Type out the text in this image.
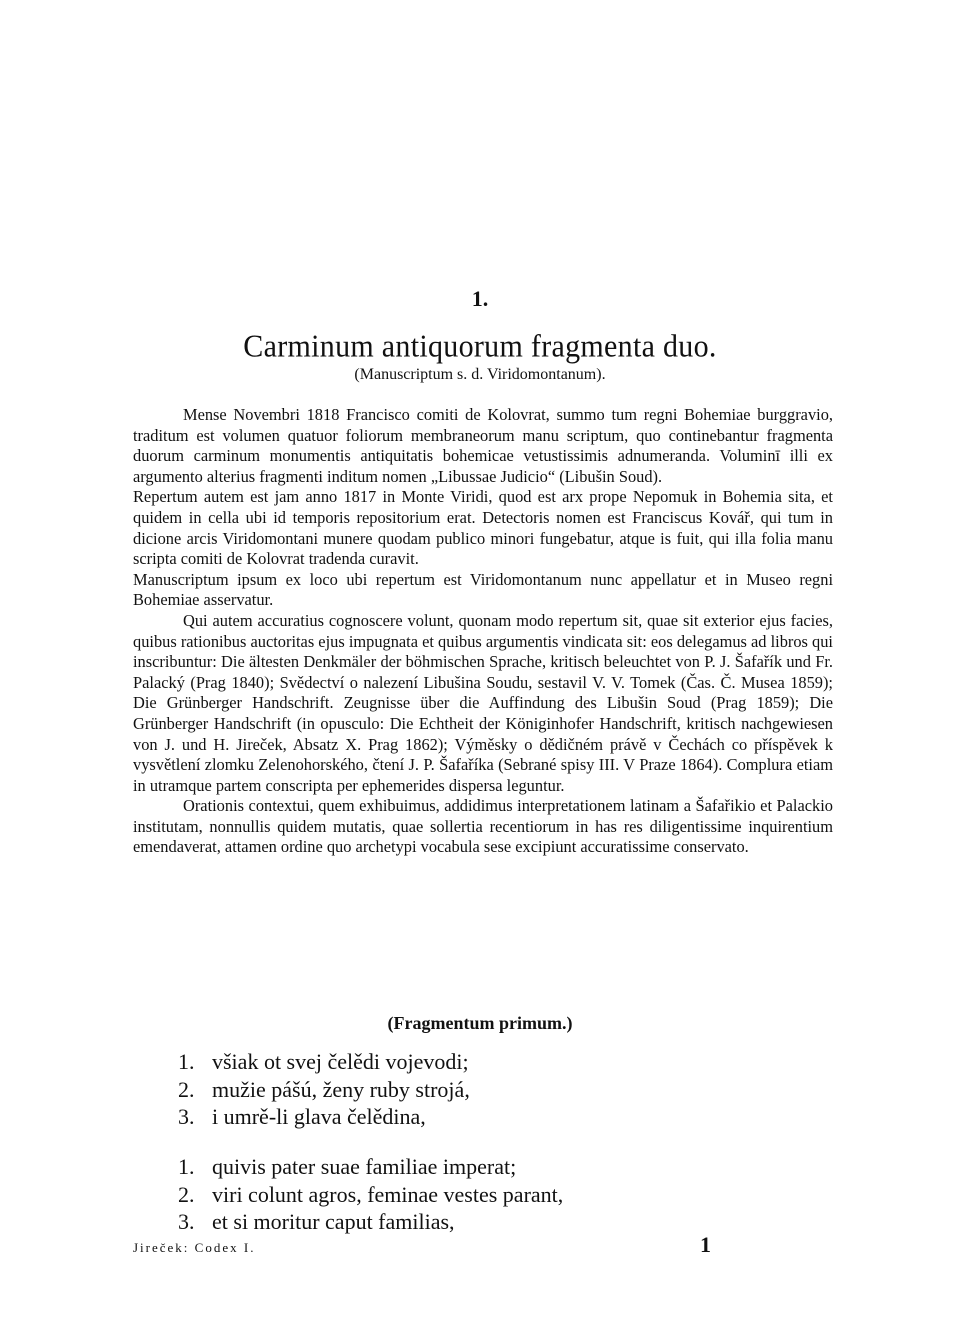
1.
Carminum antiquorum fragmenta duo.
(Manuscriptum s. d. Viridomontanum).

Mense Novembri 1818 Francisco comiti de Kolovrat, summo tum regni Bohemiae burggravio, traditum est volumen quatuor foliorum membraneorum manu scriptum, quo continebantur fragmenta duorum carminum monumentis antiquitatis bohemicae vetustissimis adnumeranda. Voluminī illi ex argumento alterius fragmenti inditum nomen „Libussae Judicio“ (Libušin Soud).

Repertum autem est jam anno 1817 in Monte Viridi, quod est arx prope Nepomuk in Bohemia sita, et quidem in cella ubi id temporis repositorium erat. Detectoris nomen est Franciscus Kovář, qui tum in dicione arcis Viridomontani munere quodam publico minori fungebatur, atque is fuit, qui illa folia manu scripta comiti de Kolovrat tradenda curavit.

Manuscriptum ipsum ex loco ubi repertum est Viridomontanum nunc appellatur et in Museo regni Bohemiae asservatur.

Qui autem accuratius cognoscere volunt, quonam modo repertum sit, quae sit exterior ejus facies, quibus rationibus auctoritas ejus impugnata et quibus argumentis vindicata sit: eos delegamus ad libros qui inscribuntur: Die ältesten Denkmäler der böhmischen Sprache, kritisch beleuchtet von P. J. Šafařík und Fr. Palacký (Prag 1840); Svědectví o nalezení Libušina Soudu, sestavil V. V. Tomek (Čas. Č. Musea 1859); Die Grünberger Handschrift. Zeugnisse über die Auffindung des Libušin Soud (Prag 1859); Die Grünberger Handschrift (in opusculo: Die Echtheit der Königinhofer Handschrift, kritisch nachgewiesen von J. und H. Jireček, Absatz X. Prag 1862); Výměsky o dědičném právě v Čechách co příspěvek k vysvětlení zlomku Zelenohorského, čtení J. P. Šafaříka (Sebrané spisy III. V Praze 1864). Complura etiam in utramque partem conscripta per ephemerides dispersa leguntur.

Orationis contextui, quem exhibuimus, addidimus interpretationem latinam a Šafařikio et Palackio institutam, nonnullis quidem mutatis, quae sollertia recentiorum in has res diligentissime inquirentium emendaverat, attamen ordine quo archetypi vocabula sese excipiunt accuratissime conservato.

(Fragmentum primum.)
1. všiak ot svej čelědi vojevodi;
2. mužie pášú, ženy ruby strojá,
3. i umrě-li glava čelědina,
1. quivis pater suae familiae imperat;
2. viri colunt agros, feminae vestes parant,
3. et si moritur caput familias,
Jireček: Codex I.	1
